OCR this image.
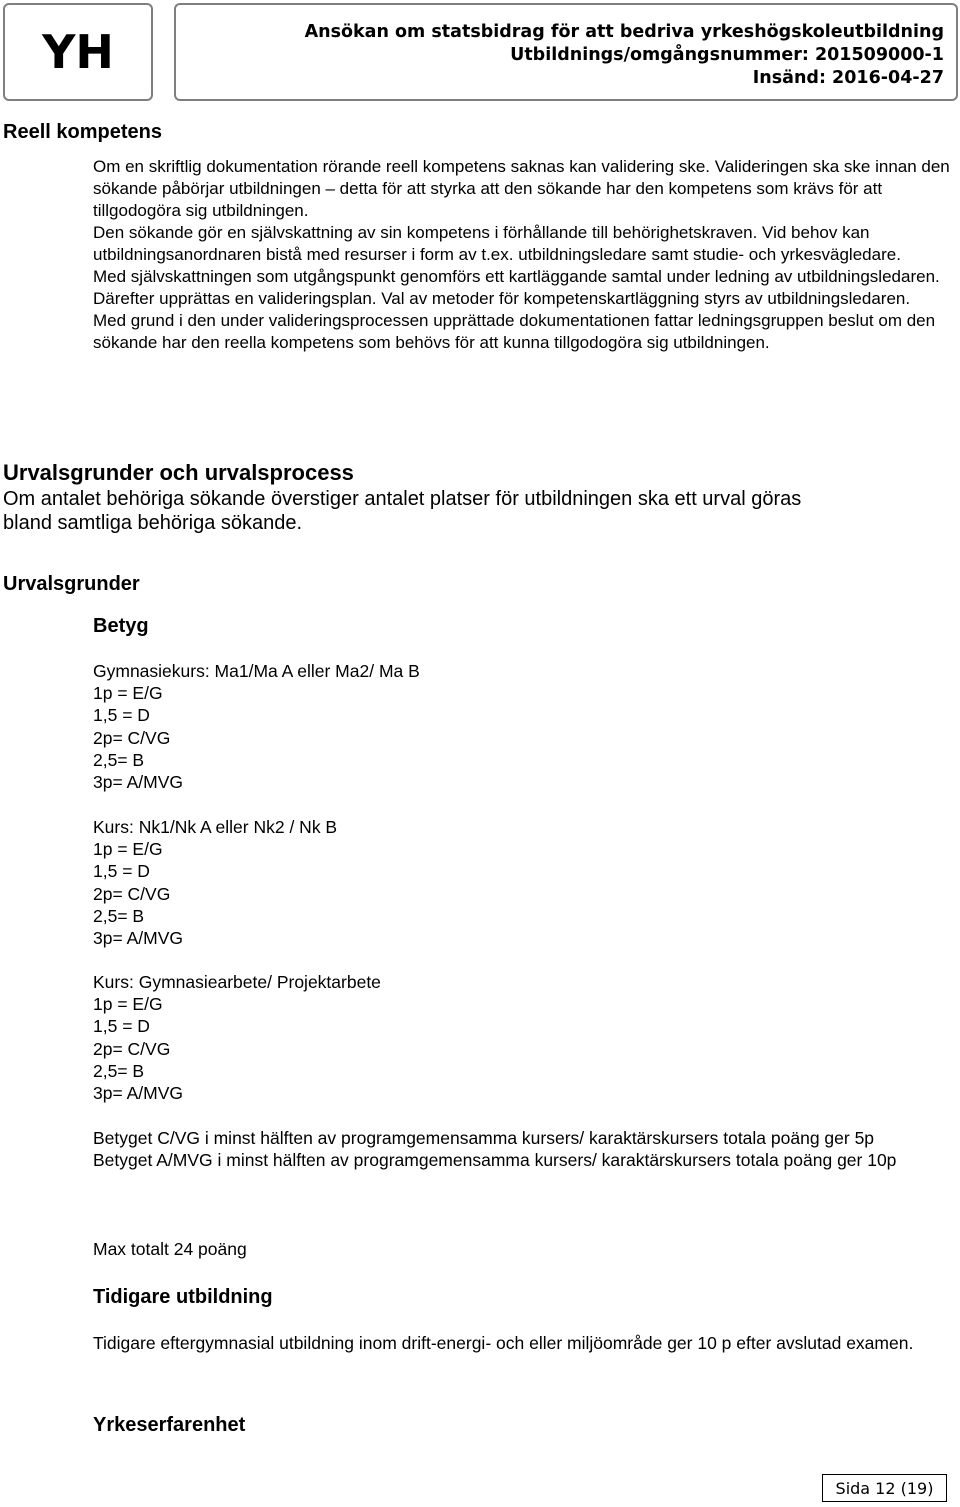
YH	Ansökan om statsbidrag för att bedriva yrkeshögskoleutbildning
Utbildnings/omgångsnummer: 201509000-1
Insänd: 2016-04-27
Reell kompetens

Om en skriftlig dokumentation rörande reell kompetens saknas kan validering ske. Valideringen ska ske innan den sökande påbörjar utbildningen – detta för att styrka att den sökande har den kompetens som krävs för att tillgodogöra sig utbildningen.

Den sökande gör en självskattning av sin kompetens i förhållande till behörighetskraven. Vid behov kan utbildningsanordnaren bistå med resurser i form av t.ex. utbildningsledare samt studie- och yrkesvägledare.

Med självskattningen som utgångspunkt genomförs ett kartläggande samtal under ledning av utbildningsledaren. Därefter upprättas en valideringsplan. Val av metoder för kompetenskartläggning styrs av utbildningsledaren.

Med grund i den under valideringsprocessen upprättade dokumentationen fattar ledningsgruppen beslut om den sökande har den reella kompetens som behövs för att kunna tillgodogöra sig utbildningen.

Urvalsgrunder och urvalsprocess
Om antalet behöriga sökande överstiger antalet platser för utbildningen ska ett urval göras bland samtliga behöriga sökande.
Urvalsgrunder
Betyg
Gymnasiekurs: Ma1/Ma A eller Ma2/ Ma B
1p = E/G
1,5 = D
2p= C/VG
2,5= B
3p= A/MVG
Kurs: Nk1/Nk A eller Nk2 / Nk B
1p = E/G
1,5 = D
2p= C/VG
2,5= B
3p= A/MVG
Kurs: Gymnasiearbete/ Projektarbete
1p = E/G
1,5 = D
2p= C/VG
2,5= B
3p= A/MVG

Betyget C/VG i minst hälften av programgemensamma kursers/ karaktärskursers totala poäng ger 5p

Betyget A/MVG i minst hälften av programgemensamma kursers/ karaktärskursers totala poäng ger 10p

Max totalt 24 poäng
Tidigare utbildning

Tidigare eftergymnasial utbildning inom drift-energi- och eller miljöområde ger 10 p efter avslutad examen.

Yrkeserfarenhet
Sida 12 (19)
